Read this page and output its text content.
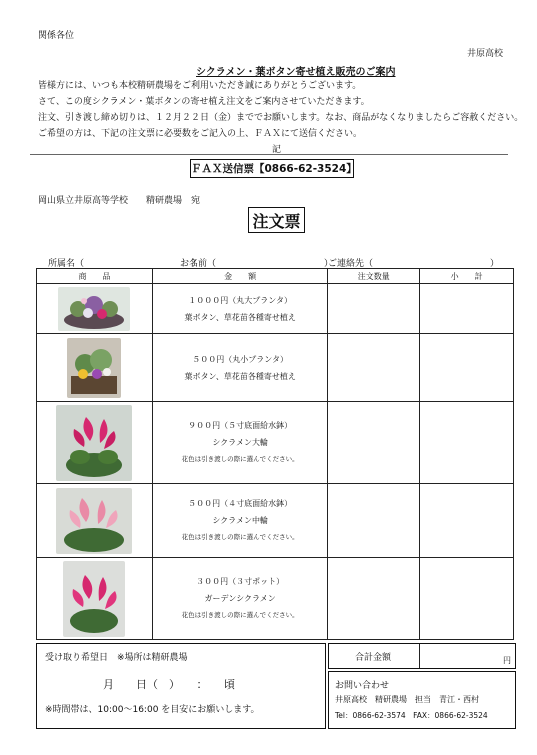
関係各位
井原高校
シクラメン・葉ボタン寄せ植え販売のご案内
皆様方には、いつも本校精研農場をご利用いただき誠にありがとうございます。
さて、この度シクラメン・葉ボタンの寄せ植え注文をご案内させていただきます。
注文、引き渡し締め切りは、１２月２２日（金）まででお願いします。なお、商品がなくなりましたらご容赦ください。
ご希望の方は、下記の注文票に必要数をご記入の上、ＦＡＸにて送信ください。
記
ＦＡＸ送信票【0866-62-3524】
岡山県立井原高等学校　　精研農場　宛
注文票
所属名（　　　　　　　　　　　　）
お名前（　　　　　　　　　　　　）
ご連絡先（　　　　　　　　　　　　　）
商　　品	金　　額	注文数量	小　　計

１０００円（丸大プランタ）
葉ボタン、草花苗各種寄せ植え		

５００円（丸小プランタ）
葉ボタン、草花苗各種寄せ植え		

９００円（５寸底面給水鉢）
シクラメン大輪
花色は引き渡しの際に選んでください。		

５００円（４寸底面給水鉢）
シクラメン中輪
花色は引き渡しの際に選んでください。		

３００円（３寸ポット）
ガーデンシクラメン
花色は引き渡しの際に選んでください。		

受け取り希望日　※場所は精研農場
月　　日（　）　　：　　頃
※時間帯は、10:00～16:00 を目安にお願いします。
合計金額	円
お問い合わせ
井原高校　精研農場　担当　青江・西村
Tel：0866-62-3574　FAX：0866-62-3524
